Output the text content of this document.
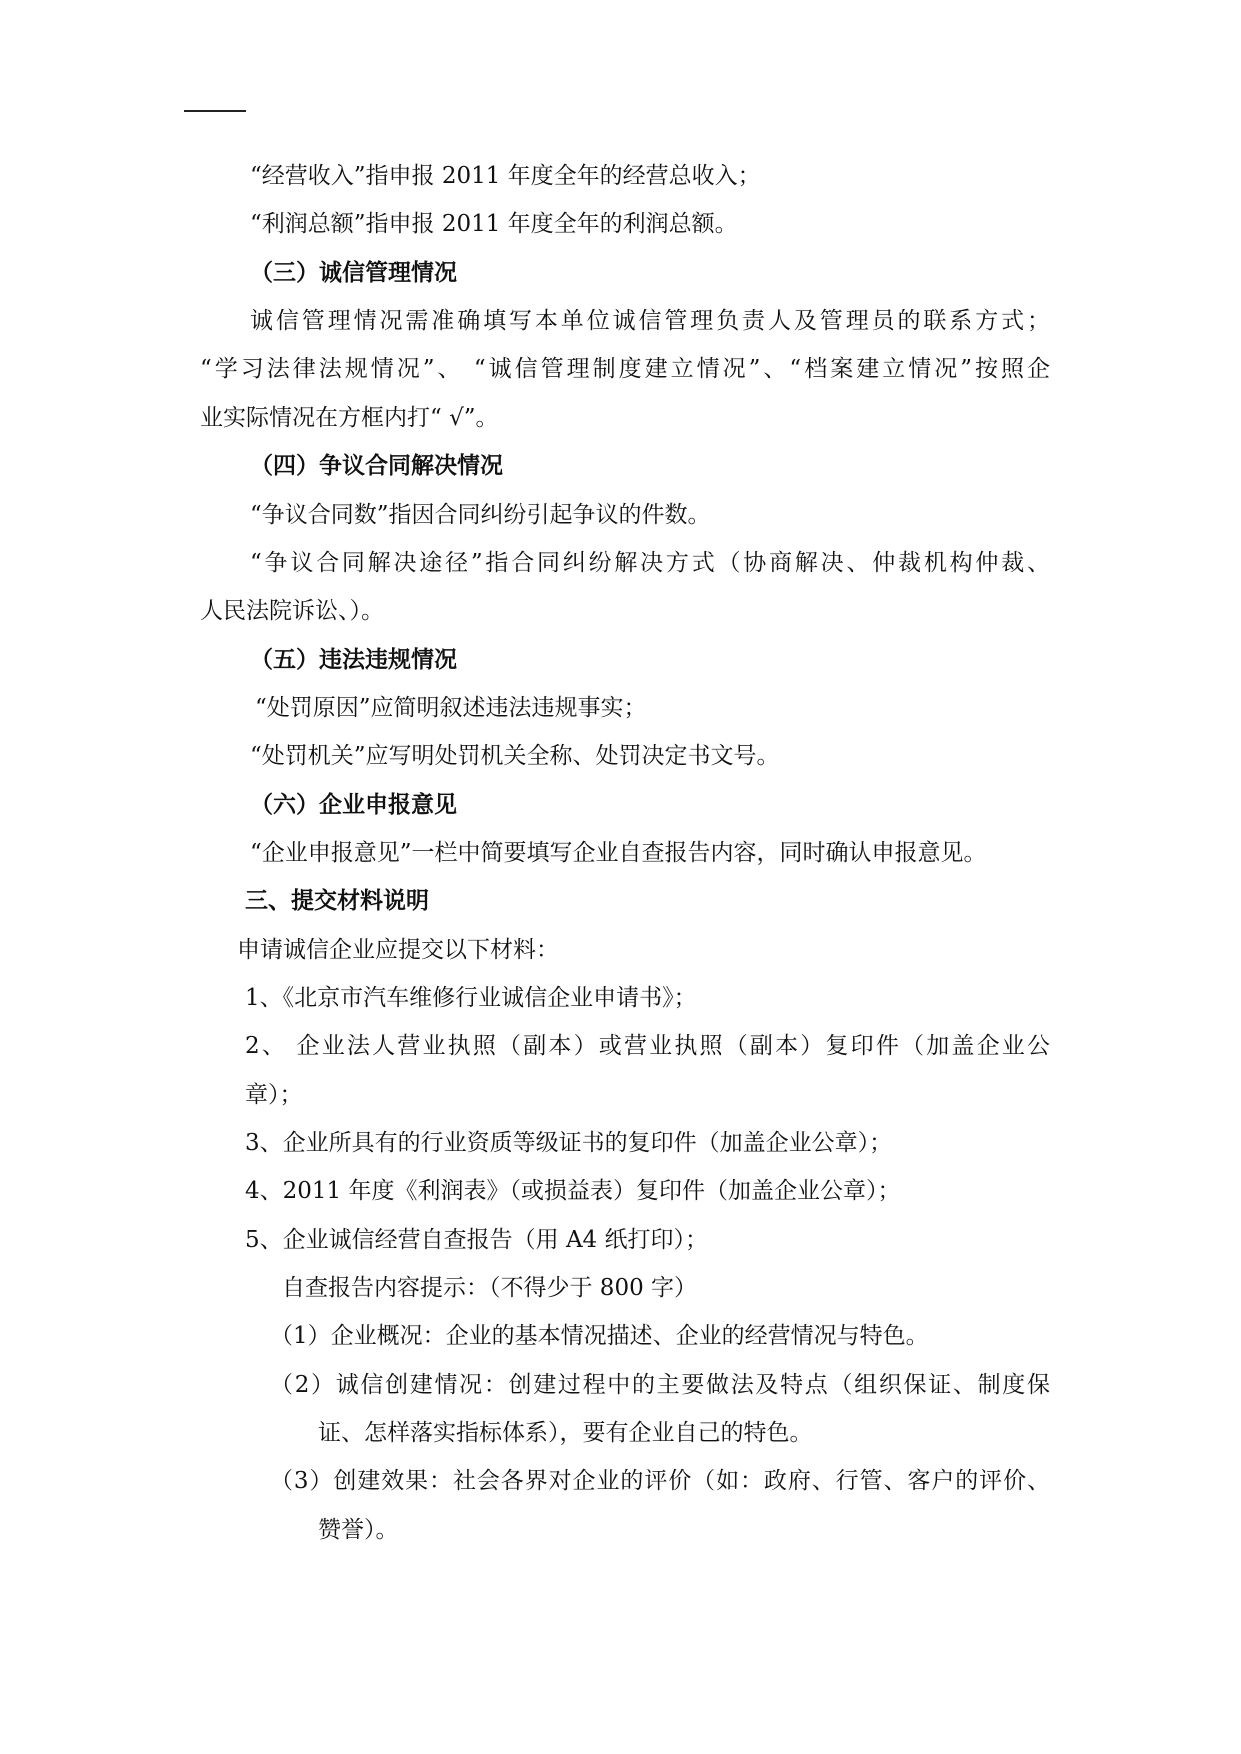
“经营收入”指申报 2011 年度全年的经营总收入；
“利润总额”指申报 2011 年度全年的利润总额。
（三）诚信管理情况
诚信管理情况需准确填写本单位诚信管理负责人及管理员的联系方式；
“学习法律法规情况”、 “诚信管理制度建立情况”、“档案建立情况”按照企
业实际情况在方框内打“ √”。
（四）争议合同解决情况
“争议合同数”指因合同纠纷引起争议的件数。
“争议合同解决途径”指合同纠纷解决方式（协商解决、仲裁机构仲裁、
人民法院诉讼、）。
（五）违法违规情况
“处罚原因”应简明叙述违法违规事实；
“处罚机关”应写明处罚机关全称、处罚决定书文号。
（六）企业申报意见
“企业申报意见”一栏中简要填写企业自查报告内容，同时确认申报意见。
三、提交材料说明
申请诚信企业应提交以下材料：
1、《北京市汽车维修行业诚信企业申请书》；
2、 企业法人营业执照（副本）或营业执照（副本）复印件（加盖企业公
章）；
3、企业所具有的行业资质等级证书的复印件（加盖企业公章）；
4、2011 年度《利润表》（或损益表）复印件（加盖企业公章）；
5、企业诚信经营自查报告（用 A4 纸打印）；
自查报告内容提示：（不得少于 800 字）
（1）企业概况：企业的基本情况描述、企业的经营情况与特色。
（2）诚信创建情况：创建过程中的主要做法及特点（组织保证、制度保
证、怎样落实指标体系），要有企业自己的特色。
（3）创建效果：社会各界对企业的评价（如：政府、行管、客户的评价、
赞誉）。
